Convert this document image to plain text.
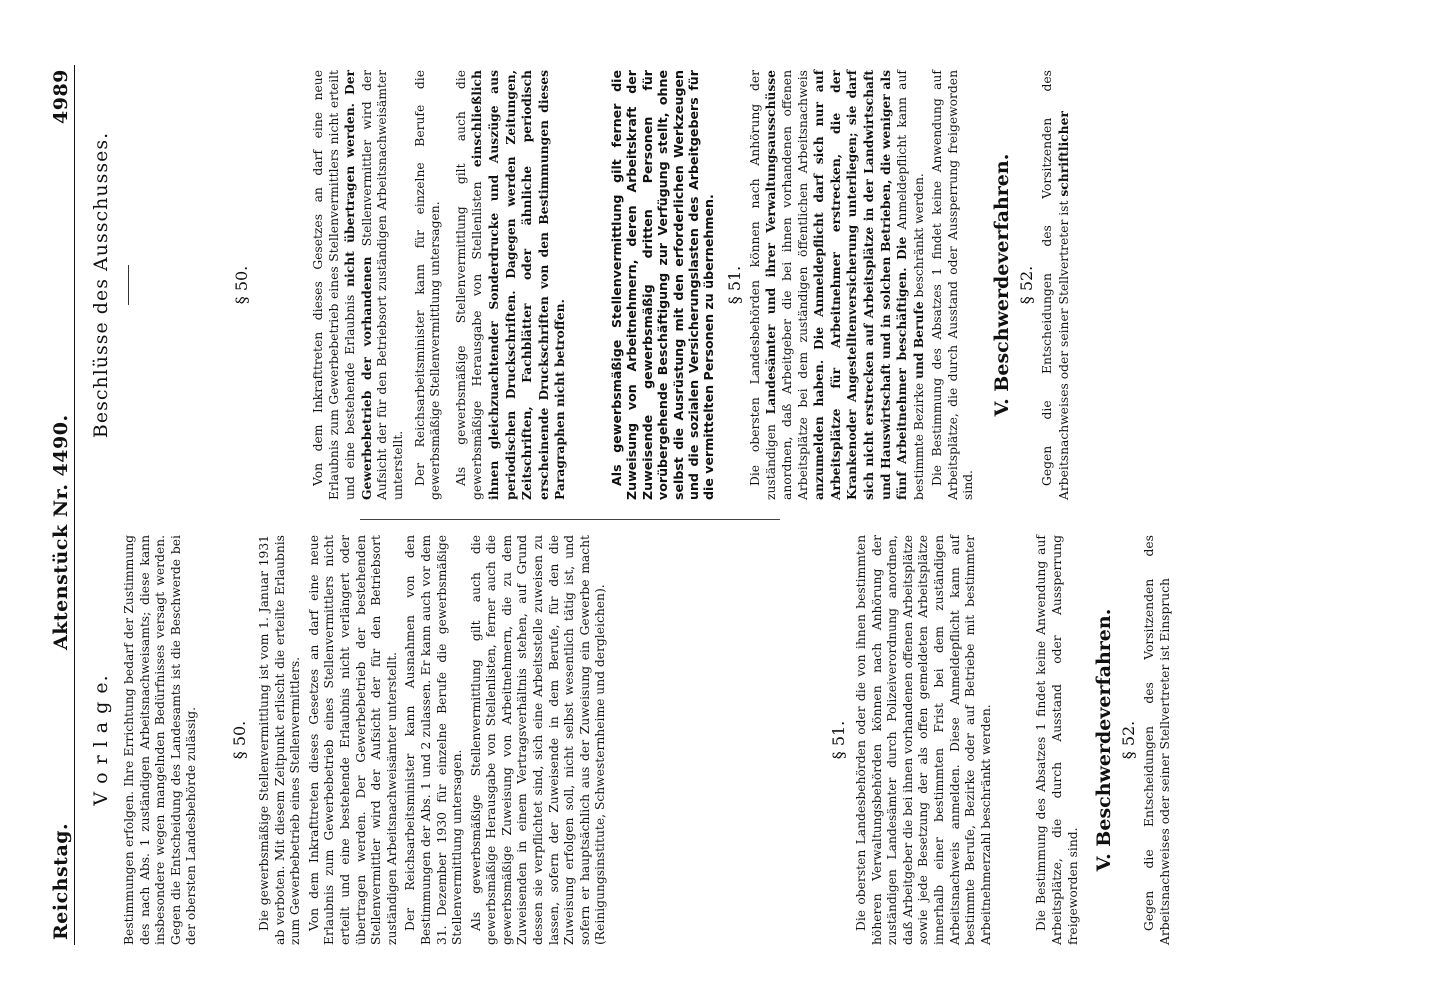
Reichstag.
Aktenstück Nr. 4490.
4989
V o r l a g e. Bestimmungen erfolgen. Ihre Errichtung bedarf der Zustimmung des nach Abs. 1 zuständigen Arbeitsnachweisamts; diese kann insbesondere wegen mangelnden Bedürfnisses versagt werden. Gegen die Entscheidung des Landesamts ist die Beschwerde bei der obersten Landesbehörde zulässig. § 50. Die gewerbsmäßige Stellenvermittlung ist vom 1. Januar 1931 ab verboten. Mit diesem Zeitpunkt erlischt die erteilte Erlaubnis zum Gewerbebetrieb eines Stellenvermittlers. Von dem Inkrafttreten dieses Gesetzes an darf eine neue Erlaubnis zum Gewerbebetrieb eines Stellenvermittlers nicht erteilt und eine bestehende Erlaubnis nicht verlängert oder übertragen werden. Der Gewerbebetrieb der bestehenden Stellenvermittler wird der Aufsicht der für den Betriebsort zuständigen Arbeitsnachweisämter unterstellt. Der Reichsarbeitsminister kann Ausnahmen von den Bestimmungen der Abs. 1 und 2 zulassen. Er kann auch vor dem 31. Dezember 1930 für einzelne Berufe die gewerbsmäßige Stellenvermittlung untersagen. Als gewerbsmäßige Stellenvermittlung gilt auch die gewerbsmäßige Herausgabe von Stellenlisten, ferner auch die gewerbsmäßige Zuweisung von Arbeitnehmern, die zu dem Zuweisenden in einem Vertragsverhältnis stehen, auf Grund dessen sie verpflichtet sind, sich eine Arbeitsstelle zuweisen zu lassen, sofern der Zuweisende in dem Berufe, für den die Zuweisung erfolgen soll, nicht selbst wesentlich tätig ist, und sofern er hauptsächlich aus der Zuweisung ein Gewerbe macht (Reinigungsinstitute, Schwesternheime und dergleichen).	§ 51. Die obersten Landesbehörden oder die von ihnen bestimmten höheren Verwaltungsbehörden können nach Anhörung der zuständigen Landesämter durch Polizeiverordnung anordnen, daß Arbeitgeber die bei ihnen vorhandenen offenen Arbeitsplätze sowie jede Besetzung der als offen gemeldeten Arbeitsplätze innerhalb einer bestimmten Frist bei dem zuständigen Arbeitsnachweis anmelden. Diese Anmeldepflicht kann auf bestimmte Berufe, Bezirke oder auf Betriebe mit bestimmter Arbeitnehmerzahl beschränkt werden.	Die Bestimmung des Absatzes 1 findet keine Anwendung auf Arbeitsplätze, die durch Ausstand oder Aussperrung freigeworden sind.

V. Beschwerdeverfahren. § 52. Gegen die Entscheidungen des Vorsitzenden des Arbeitsnachweises oder seiner Stellvertreter ist Einspruch

Beschlüsse des Ausschusses.	§ 50.	Von dem Inkrafttreten dieses Gesetzes an darf eine neue Erlaubnis zum Gewerbebetrieb eines Stellenvermittlers nicht erteilt und eine bestehende Erlaubnis nicht übertragen werden. Der Gewerbebetrieb der vorhandenen Stellenvermittler wird der Aufsicht der für den Betriebsort zuständigen Arbeitsnachweisämter unterstellt. Der Reichsarbeitsminister kann für einzelne Berufe die gewerbsmäßige Stellenvermittlung untersagen. Als gewerbsmäßige Stellenvermittlung gilt auch die gewerbsmäßige Herausgabe von Stellenlisten einschließlich ihnen gleichzuachtender Sonderdrucke und Auszüge aus periodischen Druckschriften. Dagegen werden Zeitungen, Zeitschriften, Fachblätter oder ähnliche periodisch erscheinende Druckschriften von den Bestimmungen dieses Paragraphen nicht betroffen.	Als gewerbsmäßige Stellenvermittlung gilt ferner die Zuweisung von Arbeitnehmern, deren Arbeitskraft der Zuweisende gewerbsmäßig dritten Personen für vorübergehende Beschäftigung zur Verfügung stellt, ohne selbst die Ausrüstung mit den erforderlichen Werkzeugen und die sozialen Versicherungslasten des Arbeitgebers für die vermittelten Personen zu übernehmen. § 51. Die obersten Landesbehörden können nach Anhörung der zuständigen Landesämter und ihrer Verwaltungsausschüsse anordnen, daß Arbeitgeber die bei ihnen vorhandenen offenen Arbeitsplätze bei dem zuständigen öffentlichen Arbeitsnachweis anzumelden haben. Die Anmeldepflicht darf sich nur auf Arbeitsplätze für Arbeitnehmer erstrecken, die der Krankenoder Angestelltenversicherung unterliegen; sie darf sich nicht erstrecken auf Arbeitsplätze in der Landwirtschaft und Hauswirtschaft und in solchen Betrieben, die weniger als fünf Arbeitnehmer beschäftigen. Die Anmeldepflicht kann auf bestimmte Bezirke und Berufe beschränkt werden. Die Bestimmung des Absatzes 1 findet keine Anwendung auf Arbeitsplätze, die durch Ausstand oder Aussperrung freigeworden sind.

V. Beschwerdeverfahren. § 52. Gegen die Entscheidungen des Vorsitzenden des Arbeitsnachweises oder seiner Stellvertreter ist schriftlicher
